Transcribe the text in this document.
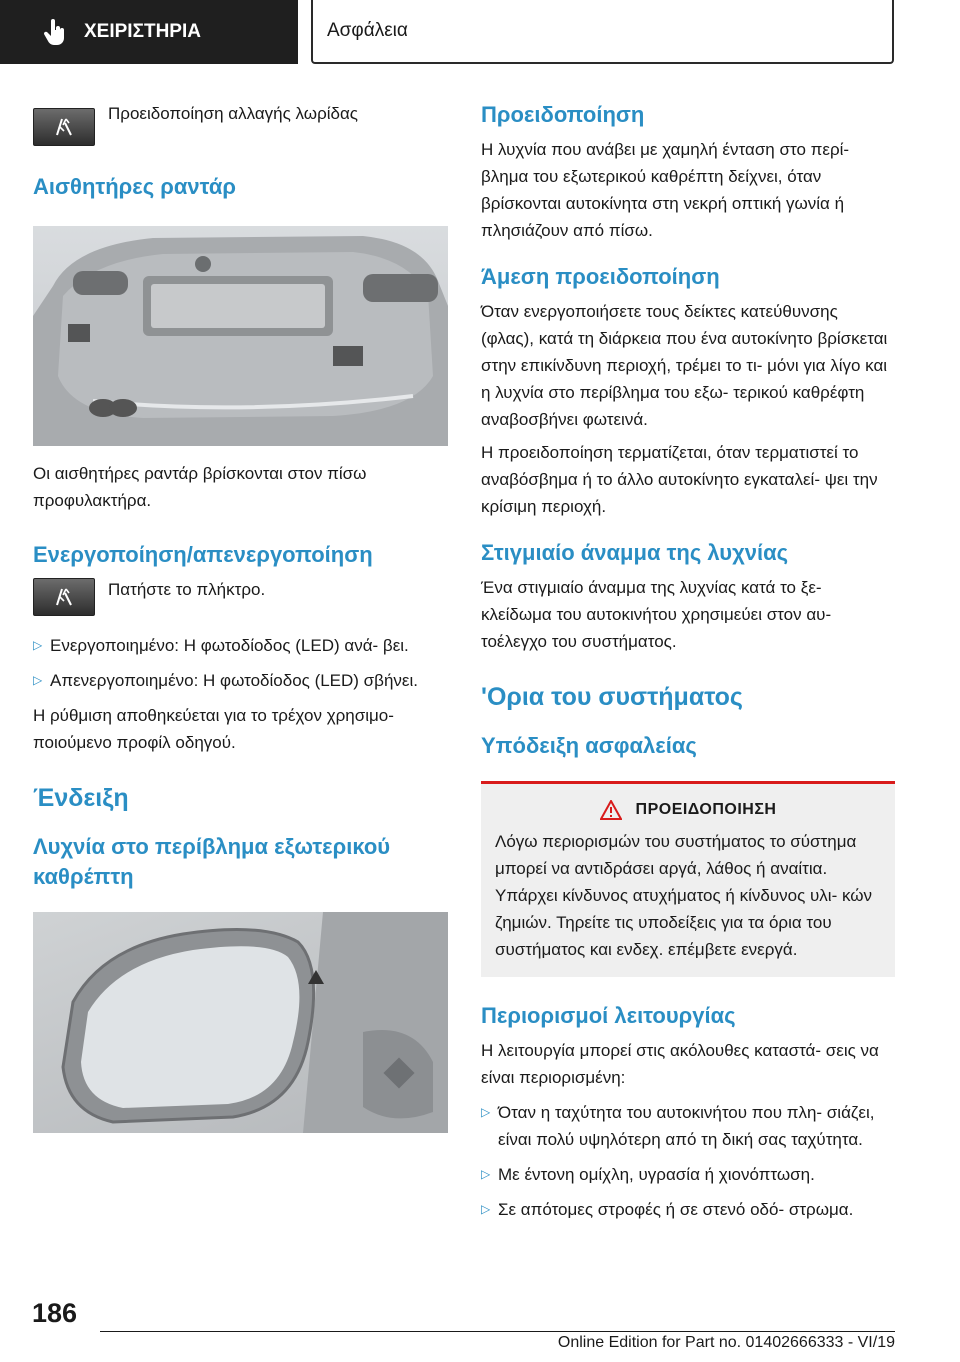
ΧΕΙΡΙΣΤΗΡΙΑ	Ασφάλεια

Προειδοποίηση αλλαγής λωρίδας

Αισθητήρες ραντάρ

Οι αισθητήρες ραντάρ βρίσκονται στον πίσω προφυλακτήρα.

Ενεργοποίηση/απενεργοποίηση

Πατήστε το πλήκτρο.

▷ Ενεργοποιημένο: Η φωτοδίοδος (LED) ανά- βει.

▷ Απενεργοποιημένο: Η φωτοδίοδος (LED) σβήνει.

Η ρύθμιση αποθηκεύεται για το τρέχον χρησιμο- ποιούμενο προφίλ οδηγού.

Ένδειξη
Λυχνία στο περίβλημα εξωτερικού καθρέπτη
Προειδοποίηση

Η λυχνία που ανάβει με χαμηλή ένταση στο περί- βλημα του εξωτερικού καθρέπτη δείχνει, όταν βρίσκονται αυτοκίνητα στη νεκρή οπτική γωνία ή πλησιάζουν από πίσω.

Άμεση προειδοποίηση

Όταν ενεργοποιήσετε τους δείκτες κατεύθυνσης (φλας), κατά τη διάρκεια που ένα αυτοκίνητο βρίσκεται στην επικίνδυνη περιοχή, τρέμει το τι- μόνι για λίγο και η λυχνία στο περίβλημα του εξω- τερικού καθρέφτη αναβοσβήνει φωτεινά.

Η προειδοποίηση τερματίζεται, όταν τερματιστεί το αναβόσβημα ή το άλλο αυτοκίνητο εγκαταλεί- ψει την κρίσιμη περιοχή.

Στιγμιαίο άναμμα της λυχνίας

Ένα στιγμιαίο άναμμα της λυχνίας κατά το ξε- κλείδωμα του αυτοκινήτου χρησιμεύει στον αυ- τοέλεγχο του συστήματος.

'Ορια του συστήματος
Υπόδειξη ασφαλείας
ΠΡΟΕΙΔΟΠΟΙΗΣΗ

Λόγω περιορισμών του συστήματος το σύστημα μπορεί να αντιδράσει αργά, λάθος ή αναίτια. Υπάρχει κίνδυνος ατυχήματος ή κίνδυνος υλι- κών ζημιών. Τηρείτε τις υποδείξεις για τα όρια του συστήματος και ενδεχ. επέμβετε ενεργά.

Περιορισμοί λειτουργίας

Η λειτουργία μπορεί στις ακόλουθες καταστά- σεις να είναι περιορισμένη:

▷ Όταν η ταχύτητα του αυτοκινήτου που πλη- σιάζει, είναι πολύ υψηλότερη από τη δική σας ταχύτητα.

▷ Με έντονη ομίχλη, υγρασία ή χιονόπτωση.

▷ Σε απότομες στροφές ή σε στενό οδό- στρωμα.

186
Online Edition for Part no. 01402666333 - VI/19
